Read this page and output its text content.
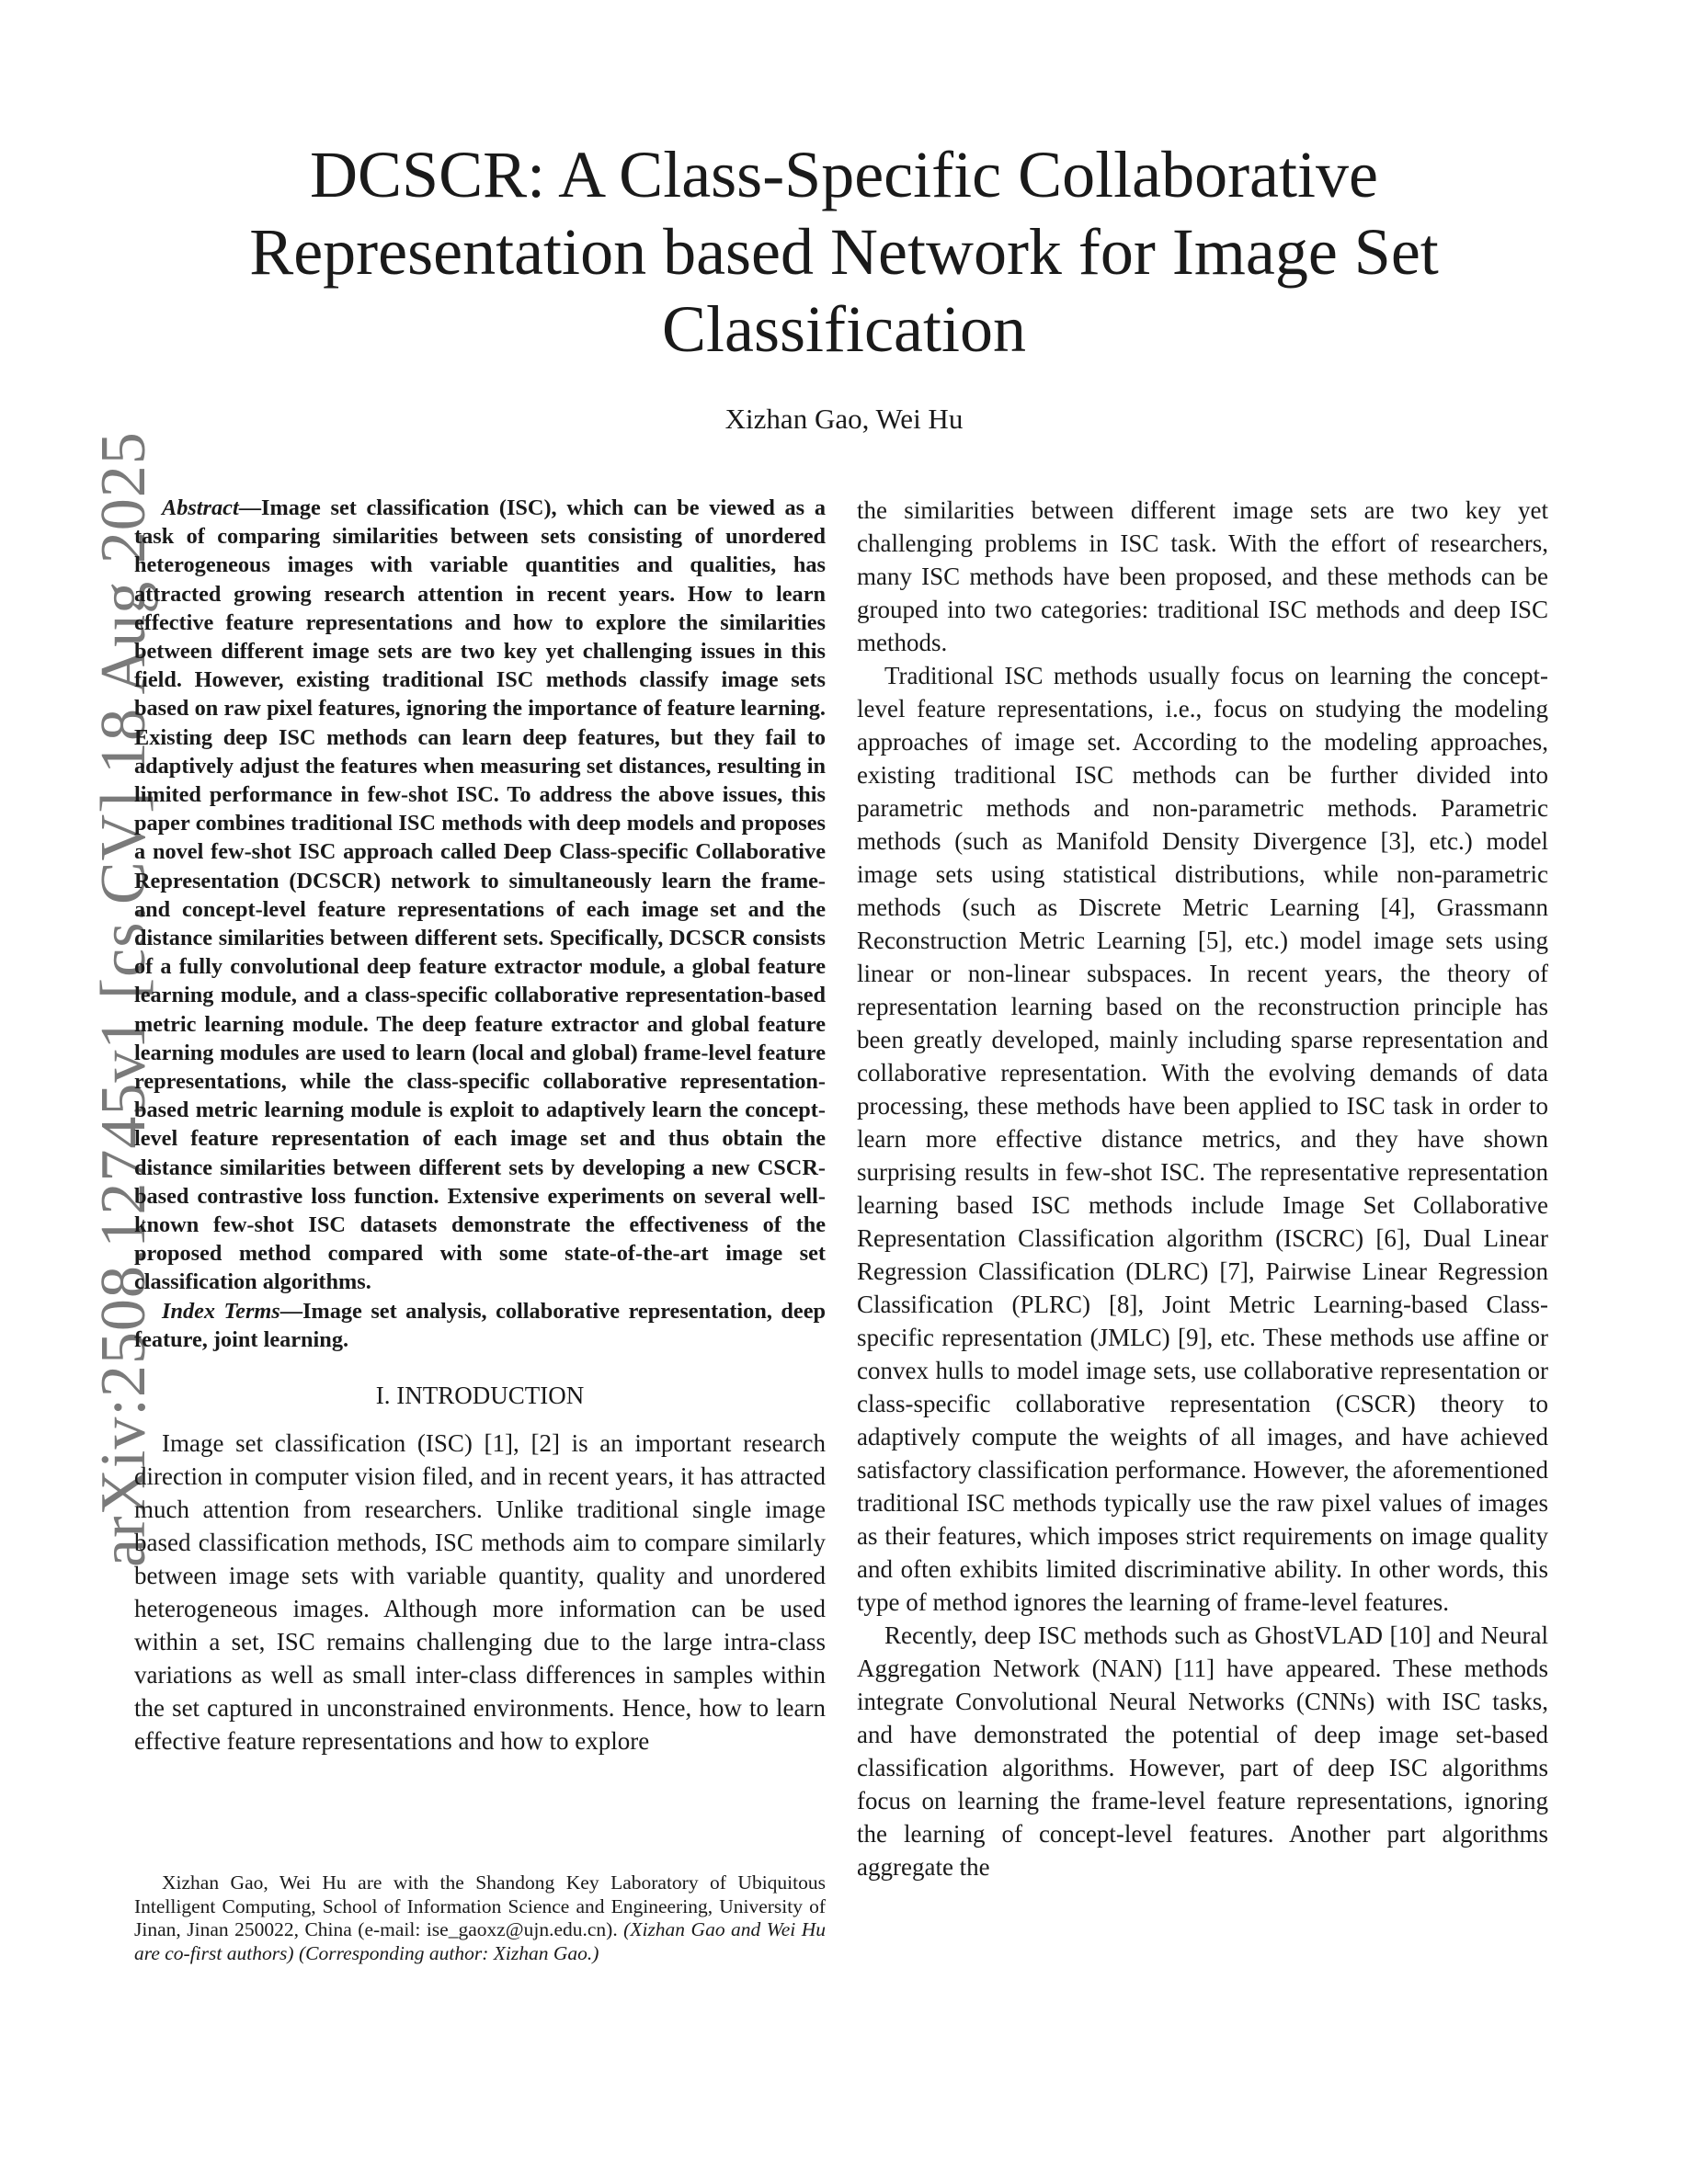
arXiv:2508.12745v1 [cs.CV] 18 Aug 2025
DCSCR: A Class-Specific Collaborative
Representation based Network for Image Set
Classification
Xizhan Gao, Wei Hu

Abstract—Image set classification (ISC), which can be viewed as a task of comparing similarities between sets consisting of unordered heterogeneous images with variable quantities and qualities, has attracted growing research attention in recent years. How to learn effective feature representations and how to explore the similarities between different image sets are two key yet challenging issues in this field. However, existing traditional ISC methods classify image sets based on raw pixel features, ignoring the importance of feature learning. Existing deep ISC methods can learn deep features, but they fail to adaptively adjust the features when measuring set distances, resulting in limited performance in few-shot ISC. To address the above issues, this paper combines traditional ISC methods with deep models and proposes a novel few-shot ISC approach called Deep Class-specific Collaborative Representation (DCSCR) network to simultaneously learn the frame- and concept-level feature representations of each image set and the distance similarities between different sets. Specifically, DCSCR consists of a fully convolutional deep feature extractor module, a global feature learning module, and a class-specific collaborative representation-based metric learning module. The deep feature extractor and global feature learning modules are used to learn (local and global) frame-level feature representations, while the class-specific collaborative representation-based metric learning module is exploit to adaptively learn the concept-level feature representation of each image set and thus obtain the distance similarities between different sets by developing a new CSCR-based contrastive loss function. Extensive experiments on several well-known few-shot ISC datasets demonstrate the effectiveness of the proposed method compared with some state-of-the-art image set classification algorithms.

Index Terms—Image set analysis, collaborative representation, deep feature, joint learning.

I. INTRODUCTION

Image set classification (ISC) [1], [2] is an important research direction in computer vision filed, and in recent years, it has attracted much attention from researchers. Unlike traditional single image based classification methods, ISC methods aim to compare similarly between image sets with variable quantity, quality and unordered heterogeneous images. Although more information can be used within a set, ISC remains challenging due to the large intra-class variations as well as small inter-class differences in samples within the set captured in unconstrained environments. Hence, how to learn effective feature representations and how to explore

Xizhan Gao, Wei Hu are with the Shandong Key Laboratory of Ubiquitous Intelligent Computing, School of Information Science and Engineering, University of Jinan, Jinan 250022, China (e-mail: ise_gaoxz@ujn.edu.cn). (Xizhan Gao and Wei Hu are co-first authors) (Corresponding author: Xizhan Gao.)

the similarities between different image sets are two key yet challenging problems in ISC task. With the effort of researchers, many ISC methods have been proposed, and these methods can be grouped into two categories: traditional ISC methods and deep ISC methods.

Traditional ISC methods usually focus on learning the concept-level feature representations, i.e., focus on studying the modeling approaches of image set. According to the modeling approaches, existing traditional ISC methods can be further divided into parametric methods and non-parametric methods. Parametric methods (such as Manifold Density Divergence [3], etc.) model image sets using statistical distributions, while non-parametric methods (such as Discrete Metric Learning [4], Grassmann Reconstruction Metric Learning [5], etc.) model image sets using linear or non-linear subspaces. In recent years, the theory of representation learning based on the reconstruction principle has been greatly developed, mainly including sparse representation and collaborative representation. With the evolving demands of data processing, these methods have been applied to ISC task in order to learn more effective distance metrics, and they have shown surprising results in few-shot ISC. The representative representation learning based ISC methods include Image Set Collaborative Representation Classification algorithm (ISCRC) [6], Dual Linear Regression Classification (DLRC) [7], Pairwise Linear Regression Classification (PLRC) [8], Joint Metric Learning-based Class-specific representation (JMLC) [9], etc. These methods use affine or convex hulls to model image sets, use collaborative representation or class-specific collaborative representation (CSCR) theory to adaptively compute the weights of all images, and have achieved satisfactory classification performance. However, the aforementioned traditional ISC methods typically use the raw pixel values of images as their features, which imposes strict requirements on image quality and often exhibits limited discriminative ability. In other words, this type of method ignores the learning of frame-level features.

Recently, deep ISC methods such as GhostVLAD [10] and Neural Aggregation Network (NAN) [11] have appeared. These methods integrate Convolutional Neural Networks (CNNs) with ISC tasks, and have demonstrated the potential of deep image set-based classification algorithms. However, part of deep ISC algorithms focus on learning the frame-level feature representations, ignoring the learning of concept-level features. Another part algorithms aggregate the
